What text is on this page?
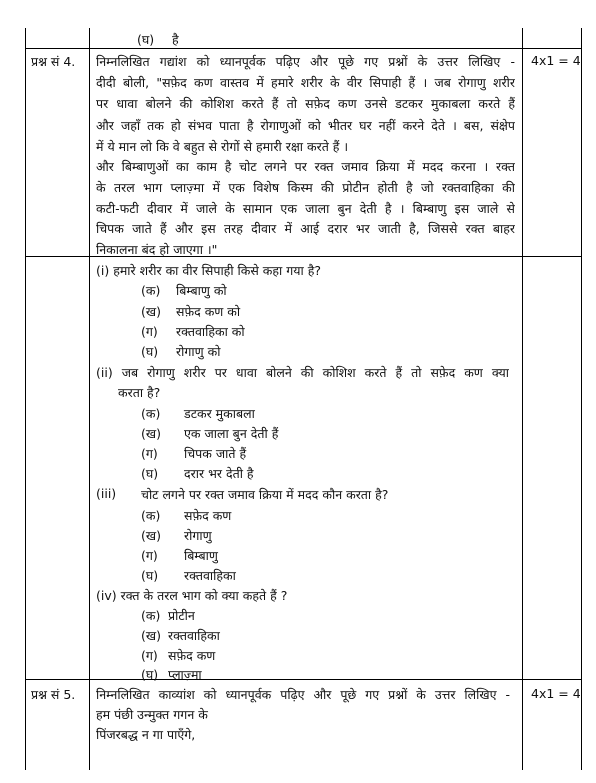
(घ) है
प्रश्न सं 4.	4x1 = 4
निम्नलिखित गद्यांश को ध्यानपूर्वक पढ़िए और पूछे गए प्रश्नों के उत्तर लिखिए -
दीदी बोली, "सफ़ेद कण वास्तव में हमारे शरीर के वीर सिपाही हैं । जब रोगाणु शरीर
पर धावा बोलने की कोशिश करते हैं तो सफ़ेद कण उनसे डटकर मुकाबला करते हैं
और जहाँ तक हो संभव पाता है रोगाणुओं को भीतर घर नहीं करने देते । बस, संक्षेप
में ये मान लो कि वे बहुत से रोगों से हमारी रक्षा करते हैं ।
और बिम्बाणुओं का काम है चोट लगने पर रक्त जमाव क्रिया में मदद करना । रक्त
के तरल भाग प्लाज़्मा में एक विशेष किस्म की प्रोटीन होती है जो रक्तवाहिका की
कटी-फटी दीवार में जाले के सामान एक जाला बुन देती है । बिम्बाणु इस जाले से
चिपक जाते हैं और इस तरह दीवार में आई दरार भर जाती है, जिससे रक्त बाहर
निकालना बंद हो जाएगा ।"
(i) हमारे शरीर का वीर सिपाही किसे कहा गया है?
(क) बिम्बाणु को
(ख) सफ़ेद कण को
(ग) रक्तवाहिका को
(घ) रोगाणु को
(ii) जब रोगाणु शरीर पर धावा बोलने की कोशिश करते हैं तो सफ़ेद कण क्या
करता है?
(क) डटकर मुकाबला
(ख) एक जाला बुन देती हैं
(ग) चिपक जाते हैं
(घ) दरार भर देती है
(iii) चोट लगने पर रक्त जमाव क्रिया में मदद कौन करता है?
(क) सफ़ेद कण
(ख) रोगाणु
(ग) बिम्बाणु
(घ) रक्तवाहिका
(iv) रक्त के तरल भाग को क्या कहते हैं ?
(क) प्रोटीन
(ख) रक्तवाहिका
(ग) सफ़ेद कण
(घ) प्लाज़्मा
प्रश्न सं 5.	4x1 = 4
निम्नलिखित काव्यांश को ध्यानपूर्वक पढ़िए और पूछे गए प्रश्नों के उत्तर लिखिए -
हम पंछी उन्मुक्त गगन के
पिंजरबद्ध न गा पाएँगे,
